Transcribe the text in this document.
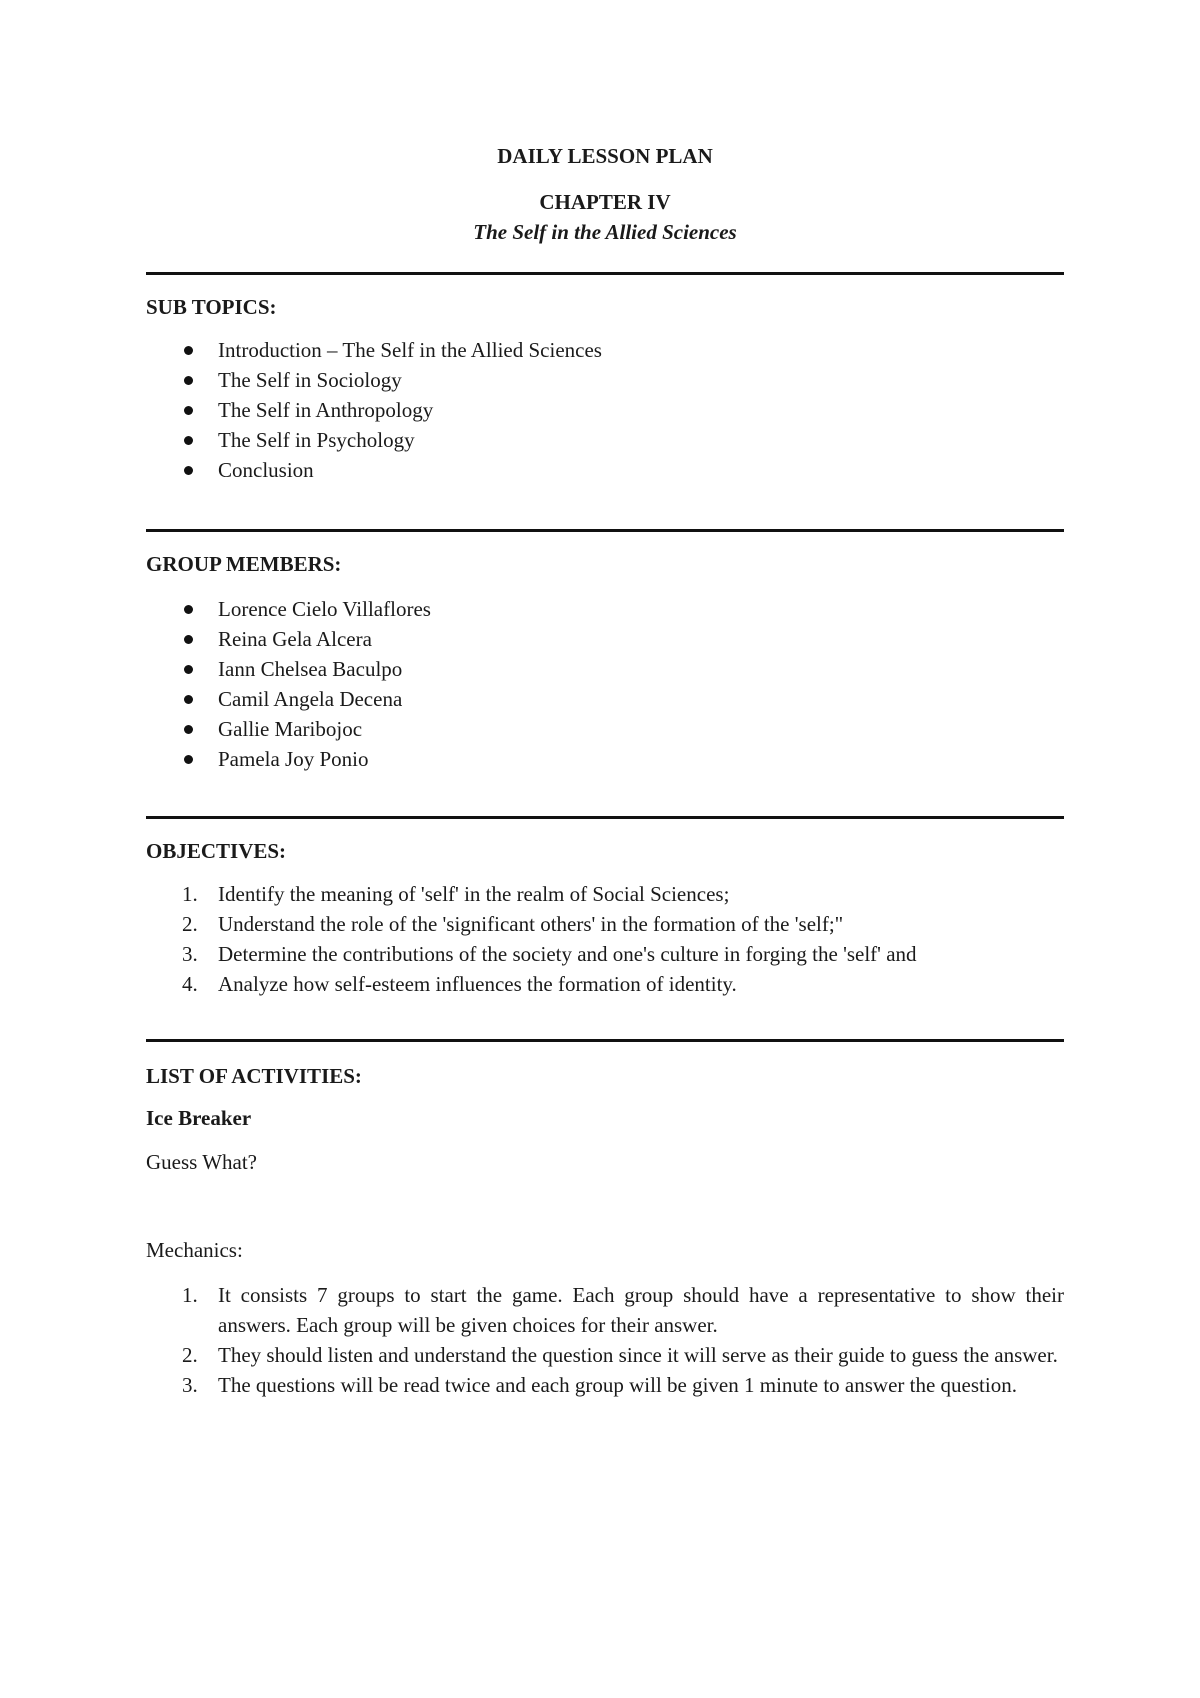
DAILY LESSON PLAN

CHAPTER IV

The Self in the Allied Sciences

SUB TOPICS:

Introduction – The Self in the Allied Sciences
The Self in Sociology
The Self in Anthropology
The Self in Psychology
Conclusion

GROUP MEMBERS:

Lorence Cielo Villaflores
Reina Gela Alcera
Iann Chelsea Baculpo
Camil Angela Decena
Gallie Maribojoc
Pamela Joy Ponio

OBJECTIVES:

1. Identify the meaning of 'self' in the realm of Social Sciences;
2. Understand the role of the 'significant others' in the formation of the 'self;"
3. Determine the contributions of the society and one's culture in forging the 'self' and
4. Analyze how self-esteem influences the formation of identity.

LIST OF ACTIVITIES:

Ice Breaker

Guess What?

Mechanics:

1. It consists 7 groups to start the game. Each group should have a representative to show their answers. Each group will be given choices for their answer.
2. They should listen and understand the question since it will serve as their guide to guess the answer.
3. The questions will be read twice and each group will be given 1 minute to answer the question.
